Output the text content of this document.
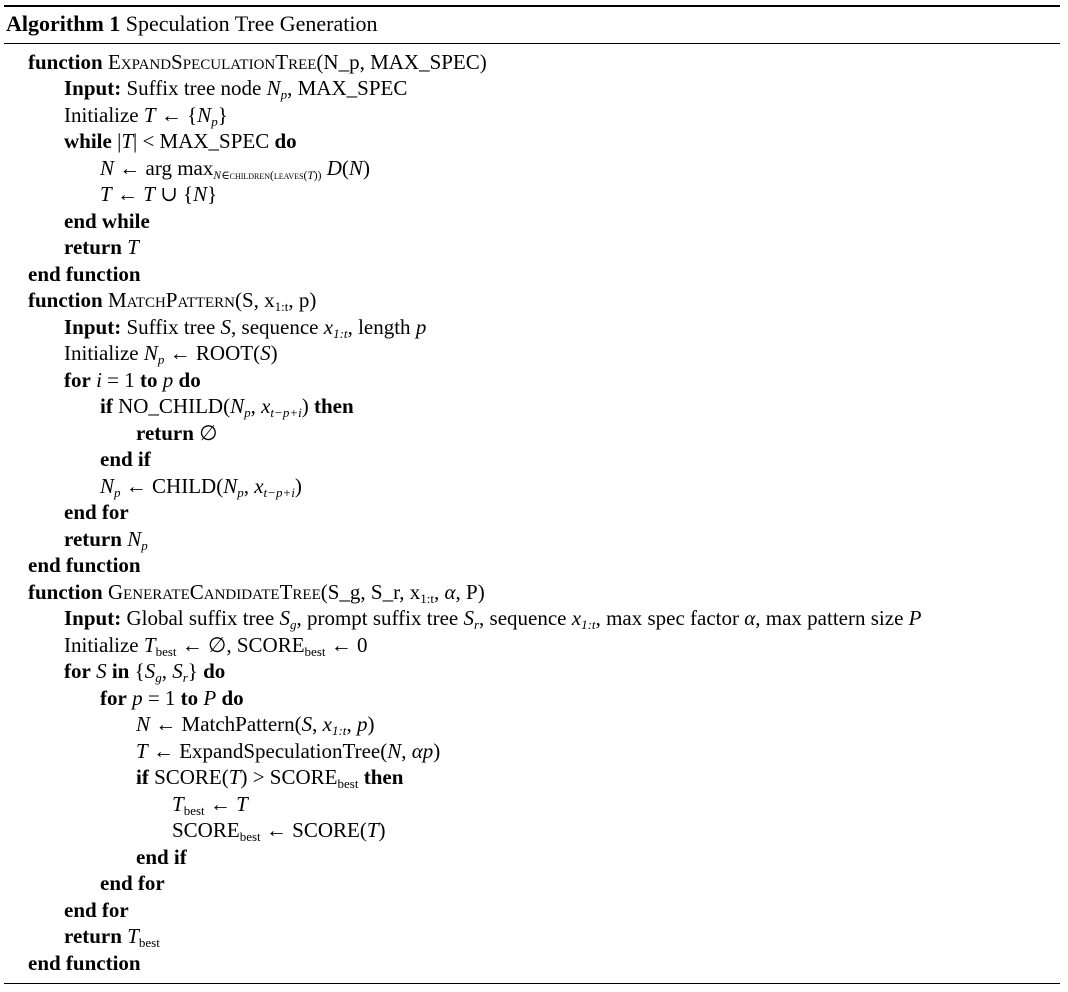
Algorithm 1 Speculation Tree Generation
function ExpandSpeculationTree(N_p, MAX_SPEC)
Input: Suffix tree node $N_p$, MAX_SPEC
Initialize T ← $\{N_p\}$
while |T| < MAX_SPEC do
N ← arg maxN∈children(leaves(T)) D(N)
T ← T ∪ {N}
end while
return T
end function
function MatchPattern(S, $x_{1:t}$, p)
Input: Suffix tree S, sequence $x_{1:t}$, length p
Initialize $N_p$ ← ROOT(S)
for i = 1 to p do
if $NO\_CHILD(N_p$, $x_{t-p+i}$) then
return ∅
end if
$N_p$ ← $CHILD(N_p$, $x_{t-p+i}$)
end for
return $N_p$
end function
function GenerateCandidateTree(S_g, S_r, $x_{1:t}$, α, P)
Input: Global suffix tree $S_g$, prompt suffix tree $S_r$, sequence $x_{1:t}$, max spec factor α, max pattern size P
Initialize $T_{best}$ ← ∅, $SCORE_{best}$ ← 0
for S in {$S_g$, $S_r$} do
for p = 1 to P do
N ← MatchPattern(S, $x_{1:t}$, p)
T ← ExpandSpeculationTree(N, αp)
if SCORE(T) > $SCORE_{best}$ then
$T_{best}$ ← T
$SCORE_{best}$ ← SCORE(T)
end if
end for
end for
return $T_{best}$
end function
